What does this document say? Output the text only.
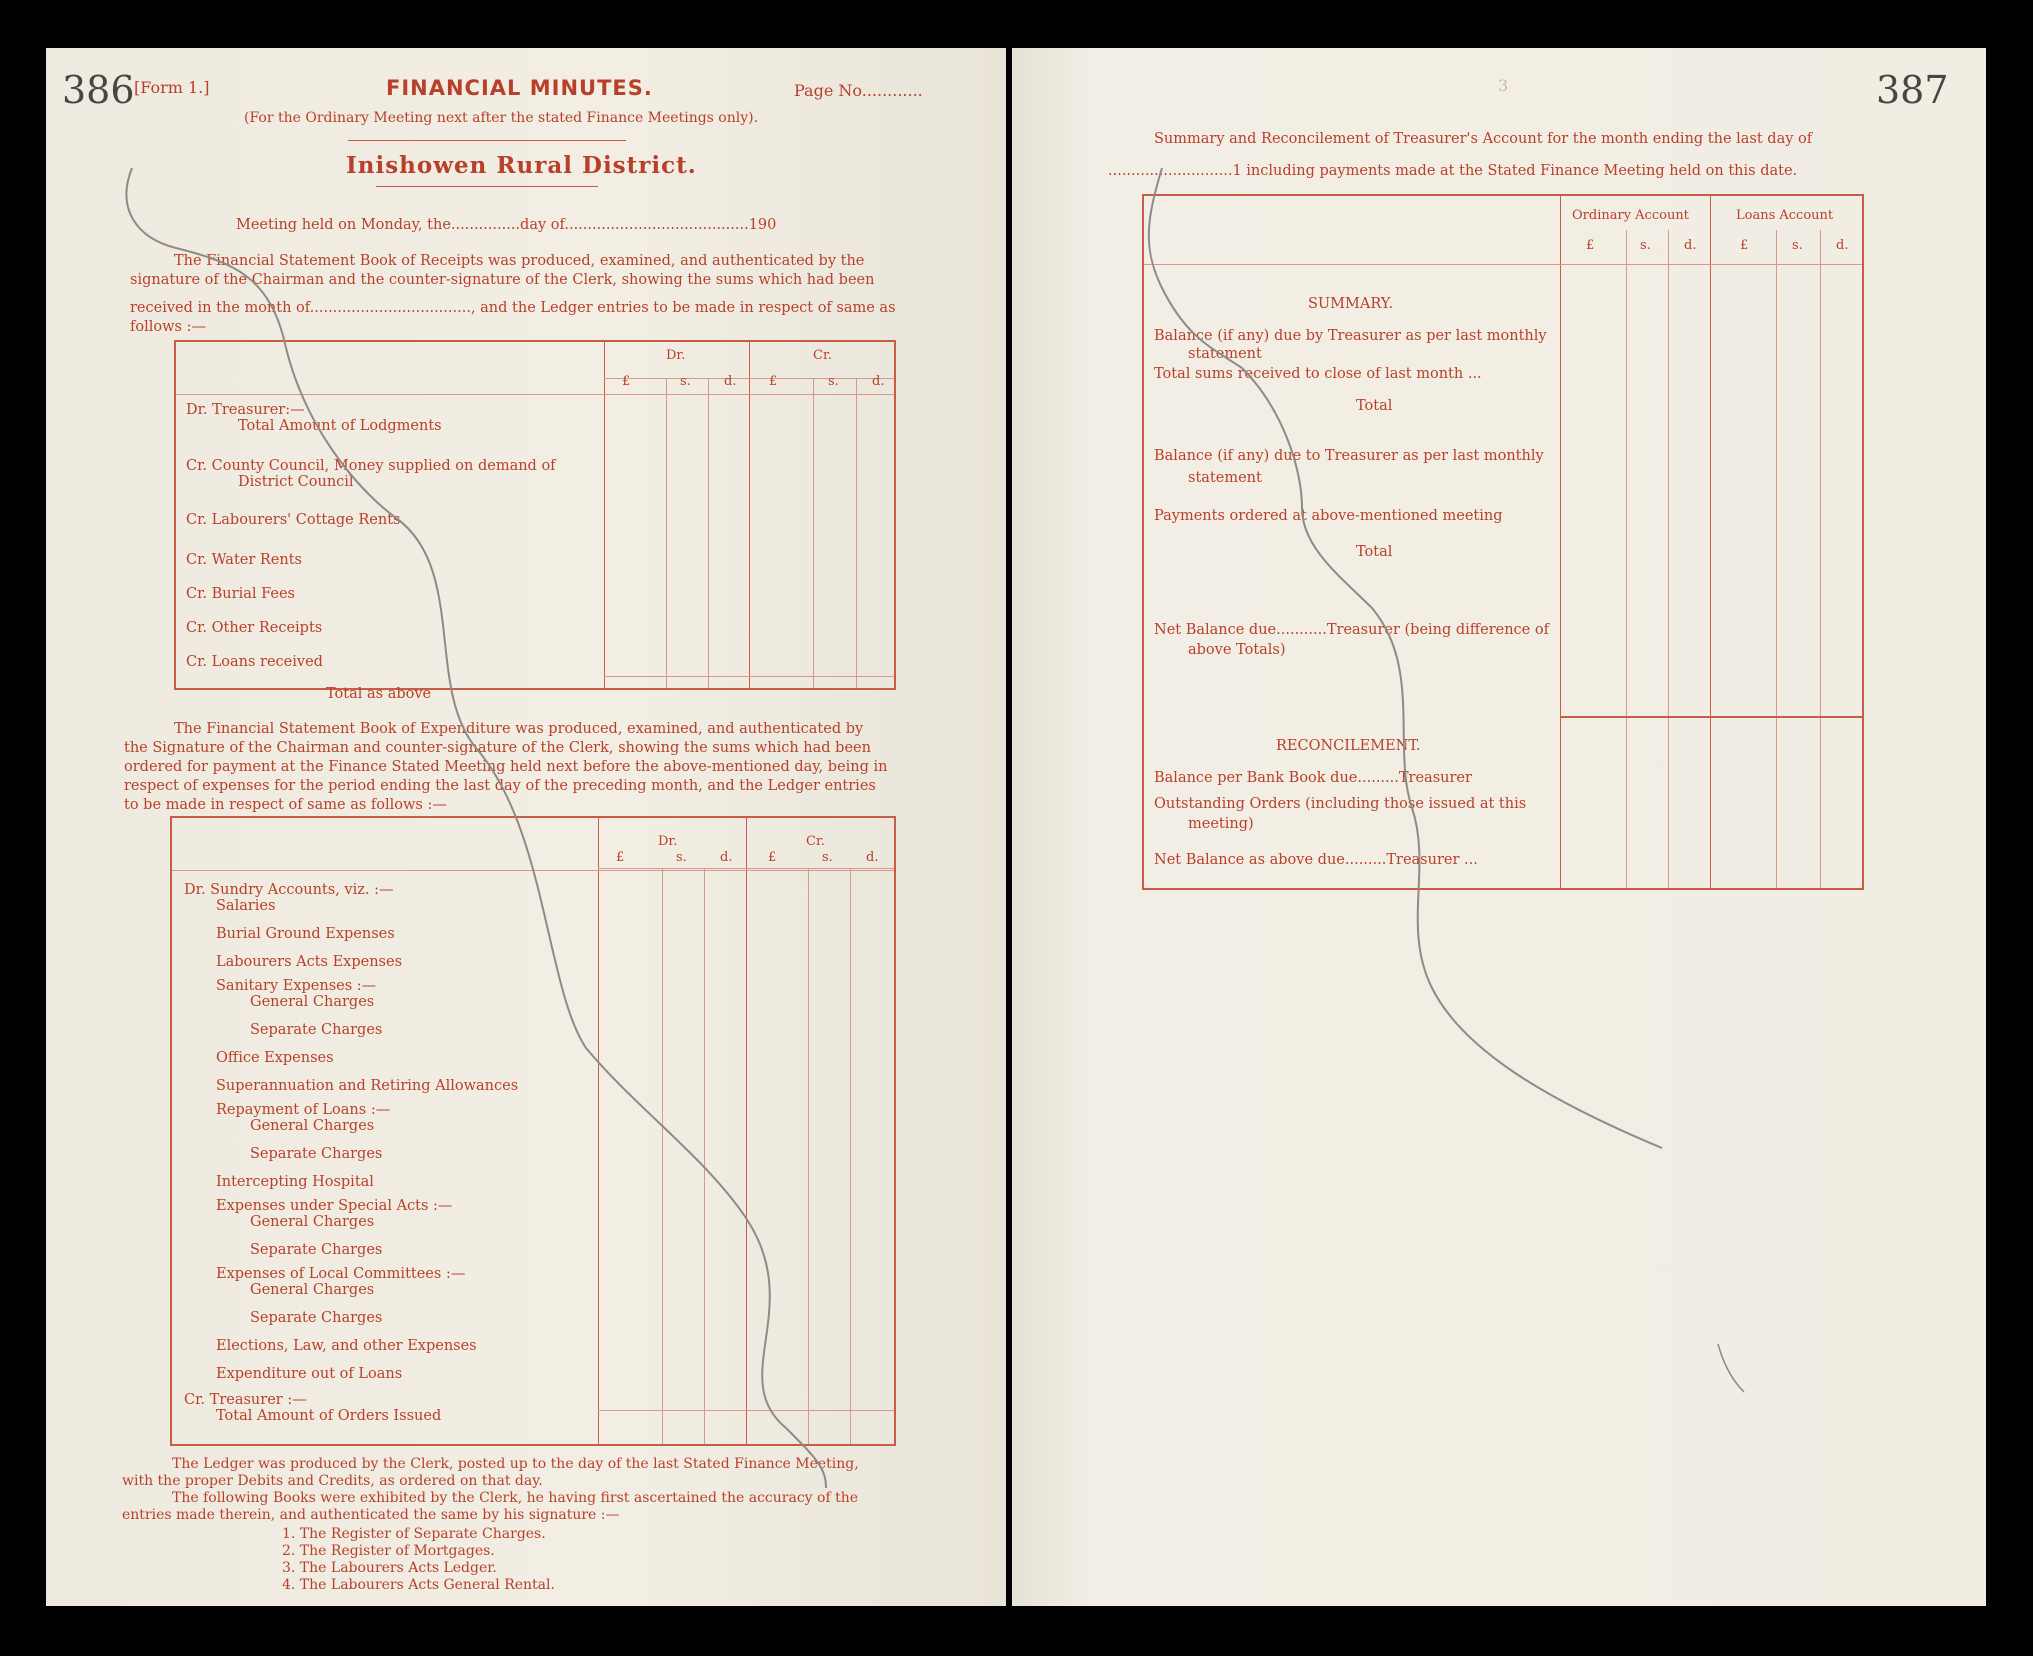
386 [Form 1.]	FINANCIAL MINUTES.	Page No............
(For the Ordinary Meeting next after the stated Finance Meetings only).
Inishowen Rural District.
Meeting held on Monday, the...............day of........................................190
The Financial Statement Book of Receipts was produced, examined, and authenticated by the
signature of the Chairman and the counter-signature of the Clerk, showing the sums which had been
received in the month of..................................., and the Ledger entries to be made in respect of same as
follows :—
Dr.	Cr.
£	s.	d.	£	s.	d.
Dr. Treasurer:—
Total Amount of Lodgments
Cr. County Council, Money supplied on demand of
District Council
Cr. Labourers' Cottage Rents
Cr. Water Rents
Cr. Burial Fees
Cr. Other Receipts
Cr. Loans received
Total as above
The Financial Statement Book of Expenditure was produced, examined, and authenticated by
the Signature of the Chairman and counter-signature of the Clerk, showing the sums which had been
ordered for payment at the Finance Stated Meeting held next before the above-mentioned day, being in
respect of expenses for the period ending the last day of the preceding month, and the Ledger entries
to be made in respect of same as follows :—
Dr.	Cr.
£	s.	d.	£	s.	d.
Dr. Sundry Accounts, viz. :—
Salaries
Burial Ground Expenses
Labourers Acts Expenses
Sanitary Expenses :—
General Charges
Separate Charges
Office Expenses
Superannuation and Retiring Allowances
Repayment of Loans :—
General Charges
Separate Charges
Intercepting Hospital
Expenses under Special Acts :—
General Charges
Separate Charges
Expenses of Local Committees :—
General Charges
Separate Charges
Elections, Law, and other Expenses
Expenditure out of Loans
Cr. Treasurer :—
Total Amount of Orders Issued
The Ledger was produced by the Clerk, posted up to the day of the last Stated Finance Meeting,
with the proper Debits and Credits, as ordered on that day.
The following Books were exhibited by the Clerk, he having first ascertained the accuracy of the
entries made therein, and authenticated the same by his signature :—
1. The Register of Separate Charges.
2. The Register of Mortgages.
3. The Labourers Acts Ledger.
4. The Labourers Acts General Rental.
387
3
Summary and Reconcilement of Treasurer's Account for the month ending the last day of
...........................1 including payments made at the Stated Finance Meeting held on this date.
Ordinary Account	Loans Account
£	s.	d.	£	s.	d.
SUMMARY.
Balance (if any) due by Treasurer as per last monthly
statement
Total sums received to close of last month ...
Total
Balance (if any) due to Treasurer as per last monthly
statement
Payments ordered at above-mentioned meeting
Total
Net Balance due...........Treasurer (being difference of
above Totals)
RECONCILEMENT.
Balance per Bank Book due.........Treasurer
Outstanding Orders (including those issued at this
meeting)
Net Balance as above due.........Treasurer ...
